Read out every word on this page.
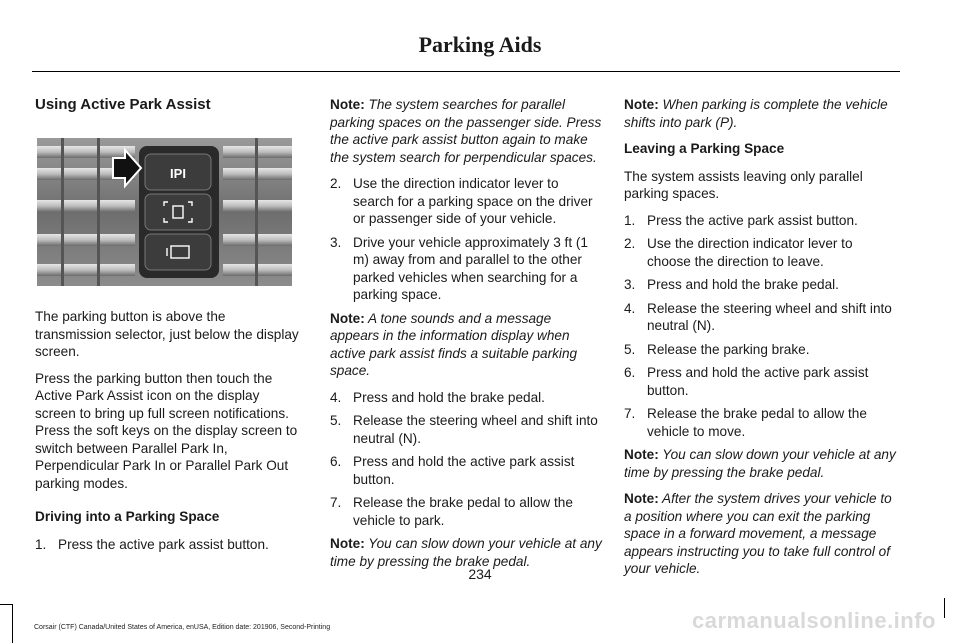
Parking Aids
Using Active Park Assist
IPI

The parking button is above the transmission selector, just below the display screen.

Press the parking button then touch the Active Park Assist icon on the display screen to bring up full screen notifications. Press the soft keys on the display screen to switch between Parallel Park In, Perpendicular Park In or Parallel Park Out parking modes.

Driving into a Parking Space
1. Press the active park assist button.
Note: The system searches for parallel parking spaces on the passenger side. Press the active park assist button again to make the system search for perpendicular spaces.
2. Use the direction indicator lever to search for a parking space on the driver or passenger side of your vehicle.
3. Drive your vehicle approximately 3 ft (1 m) away from and parallel to the other parked vehicles when searching for a parking space.
Note: A tone sounds and a message appears in the information display when active park assist finds a suitable parking space.
4. Press and hold the brake pedal.
5. Release the steering wheel and shift into neutral (N).
6. Press and hold the active park assist button.
7. Release the brake pedal to allow the vehicle to park.
Note: You can slow down your vehicle at any time by pressing the brake pedal.
Note: When parking is complete the vehicle shifts into park (P).
Leaving a Parking Space

The system assists leaving only parallel parking spaces.

1. Press the active park assist button.
2. Use the direction indicator lever to choose the direction to leave.
3. Press and hold the brake pedal.
4. Release the steering wheel and shift into neutral (N).
5. Release the parking brake.
6. Press and hold the active park assist button.
7. Release the brake pedal to allow the vehicle to move.
Note: You can slow down your vehicle at any time by pressing the brake pedal.
Note: After the system drives your vehicle to a position where you can exit the parking space in a forward movement, a message appears instructing you to take full control of your vehicle.
234
Corsair (CTF) Canada/United States of America, enUSA, Edition date: 201906, Second-Printing	carmanualsonline.info
